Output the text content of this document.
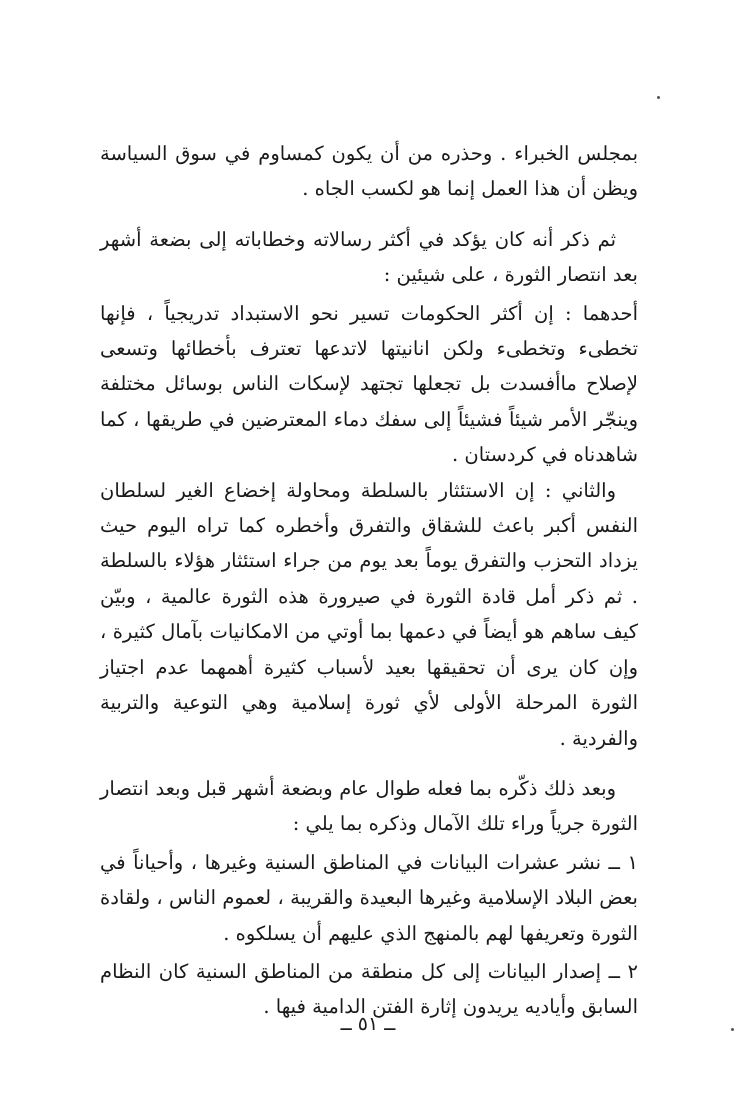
بمجلس الخبراء . وحذره من أن يكون كمساوم في سوق السياسة ويظن أن هذا العمل إنما هو لكسب الجاه .

ثم ذكر أنه كان يؤكد في أكثر رسالاته وخطاباته إلى بضعة أشهر بعد انتصار الثورة ، على شيئين :

أحدهما : إن أكثر الحكومات تسير نحو الاستبداد تدريجياً ، فإنها تخطىء وتخطىء ولكن انانيتها لاتدعها تعترف بأخطائها وتسعى لإصلاح ماأفسدت بل تجعلها تجتهد لإسكات الناس بوسائل مختلفة وينجّر الأمر شيئاً فشيئاً إلى سفك دماء المعترضين في طريقها ، كما شاهدناه في كردستان .

والثاني : إن الاستئثار بالسلطة ومحاولة إخضاع الغير لسلطان النفس أكبر باعث للشقاق والتفرق وأخطره كما تراه اليوم حيث يزداد التحزب والتفرق يوماً بعد يوم من جراء استئثار هؤلاء بالسلطة . ثم ذكر أمل قادة الثورة في صيرورة هذه الثورة عالمية ، وبيّن كيف ساهم هو أيضاً في دعمها بما أوتي من الامكانيات بآمال كثيرة ، وإن كان يرى أن تحقيقها بعيد لأسباب كثيرة أهمهما عدم اجتياز الثورة المرحلة الأولى لأي ثورة إسلامية وهي التوعية والتربية والفردية .

وبعد ذلك ذكّره بما فعله طوال عام وبضعة أشهر قبل وبعد انتصار الثورة جرياً وراء تلك الآمال وذكره بما يلي :

١ ــ نشر عشرات البيانات في المناطق السنية وغيرها ، وأحياناً في بعض البلاد الإسلامية وغيرها البعيدة والقريبة ، لعموم الناس ، ولقادة الثورة وتعريفها لهم بالمنهج الذي عليهم أن يسلكوه .

٢ ــ إصدار البيانات إلى كل منطقة من المناطق السنية كان النظام السابق وأياديه يريدون إثارة الفتن الدامية فيها .

ــ ٥١ ــ
